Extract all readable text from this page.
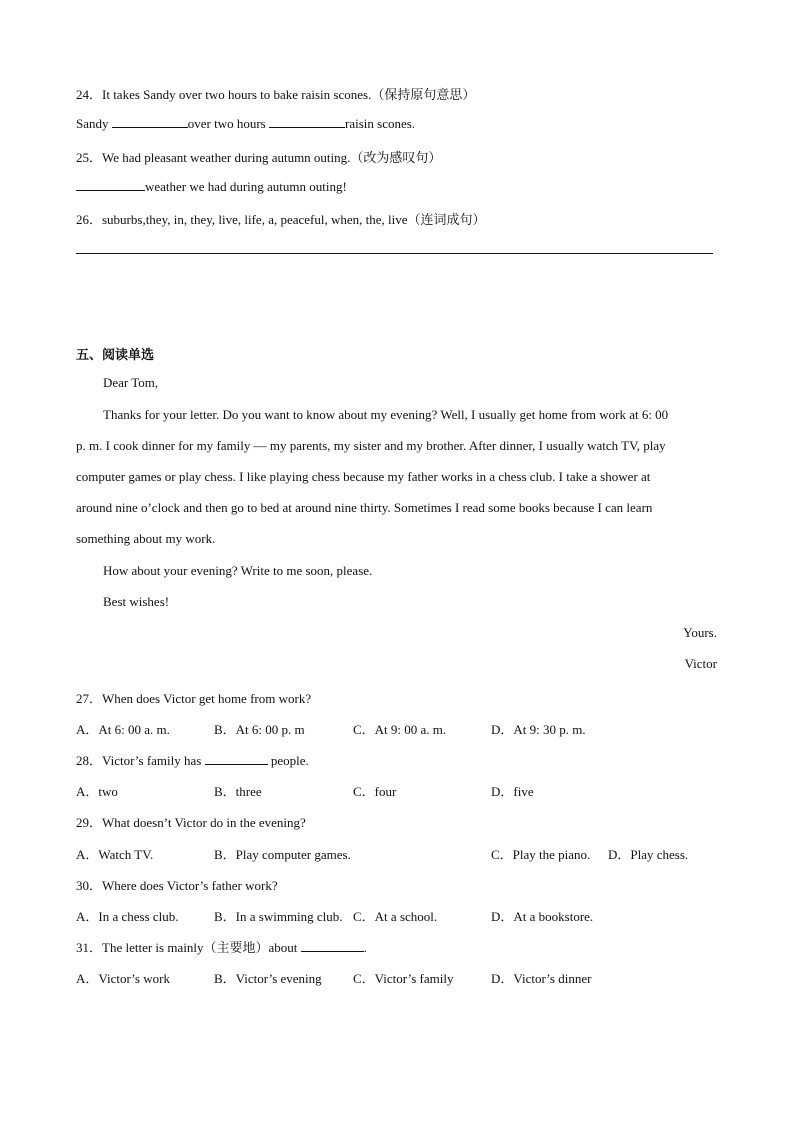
24．It takes Sandy over two hours to bake raisin scones.（保持原句意思）
Sandy	over two hours	raisin scones.
25．We had pleasant weather during autumn outing.（改为感叹句）
weather we had during autumn outing!
26．suburbs,they, in, they, live, life, a, peaceful, when, the, live（连词成句）
五、阅读单选
Dear Tom,
Thanks for your letter. Do you want to know about my evening? Well, I usually get home from work at 6: 00
p. m. I cook dinner for my family — my parents, my sister and my brother. After dinner, I usually watch TV, play
computer games or play chess. I like playing chess because my father works in a chess club. I take a shower at
around nine o’clock and then go to bed at around nine thirty. Sometimes I read some books because I can learn
something about my work.
How about your evening? Write to me soon, please.
Best wishes!
Yours.
Victor
27．When does Victor get home from work?
A．At 6: 00 a. m.	B．At 6: 00 p. m	C．At 9: 00 a. m.	D．At 9: 30 p. m.
28．Victor’s family has	people.
A．two	B．three	C．four	D．five
29．What doesn’t Victor do in the evening?
A．Watch TV.	B．Play computer games.	C．Play the piano. D．Play chess.
30．Where does Victor’s father work?
A．In a chess club.	B．In a swimming club. C．At a school.	D．At a bookstore.
31．The letter is mainly（主要地）about	.
A．Victor’s work	B．Victor’s evening C．Victor’s family	D．Victor’s dinner
